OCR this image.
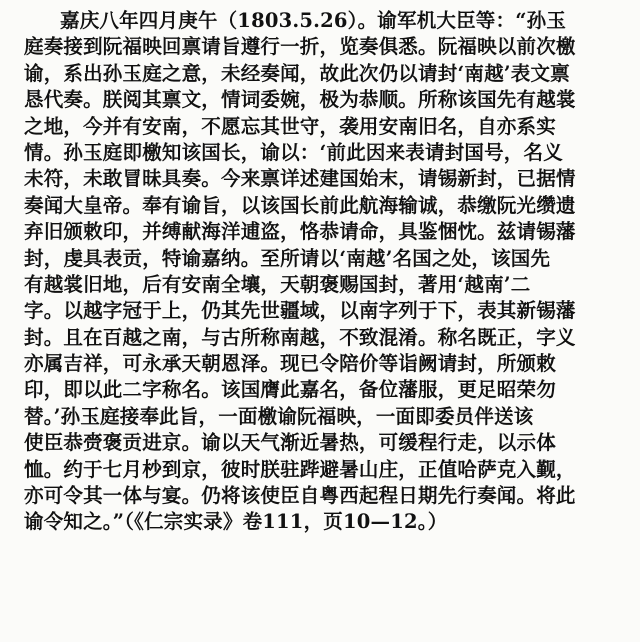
嘉庆八年四月庚午（1803.5.26）。谕军机大臣等：“孙玉
庭奏接到阮福映回禀请旨遵行一折，览奏俱悉。阮福映以前次檄
谕，系出孙玉庭之意，未经奏闻，故此次仍以请封‘南越’表文禀
恳代奏。朕阅其禀文，情词委婉，极为恭顺。所称该国先有越裳
之地，今并有安南，不愿忘其世守，袭用安南旧名，自亦系实
情。孙玉庭即檄知该国长，谕以：‘前此因来表请封国号，名义
未符，未敢冒昧具奏。今来禀详述建国始末，请锡新封，已据情
奏闻大皇帝。奉有谕旨，以该国长前此航海输诚，恭缴阮光缵遗
弃旧颁敕印，并缚献海洋逋盗，恪恭请命，具鉴悃忱。兹请锡藩
封，虔具表贡，特谕嘉纳。至所请以‘南越’名国之处，该国先
有越裳旧地，后有安南全壤，天朝褒赐国封，著用‘越南’二
字。以越字冠于上，仍其先世疆域，以南字列于下，表其新锡藩
封。且在百越之南，与古所称南越，不致混淆。称名既正，字义
亦属吉祥，可永承天朝恩泽。现已令陪价等诣阙请封，所颁敕
印，即以此二字称名。该国膺此嘉名，备位藩服，更足昭荣勿
替。’孙玉庭接奉此旨，一面檄谕阮福映，一面即委员伴送该
使臣恭赍褒贡进京。谕以天气渐近暑热，可缓程行走，以示体
恤。约于七月杪到京，彼时朕驻跸避暑山庄，正值哈萨克入觐，
亦可令其一体与宴。仍将该使臣自粤西起程日期先行奏闻。将此
谕令知之。”（《仁宗实录》卷111，页10—12。）
